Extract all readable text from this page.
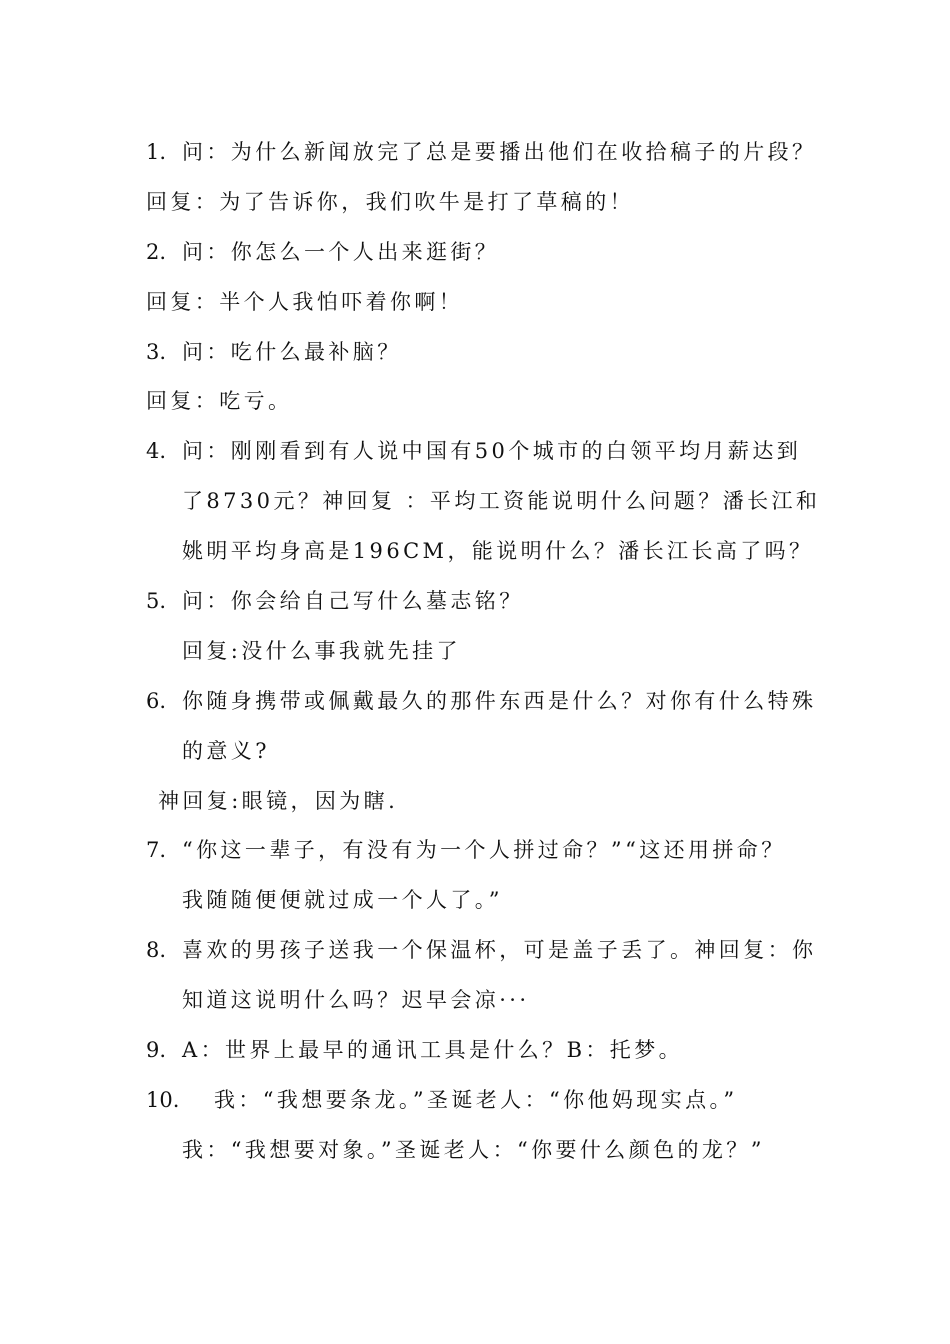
1. 问：为什么新闻放完了总是要播出他们在收拾稿子的片段？
回复：为了告诉你，我们吹牛是打了草稿的！
2. 问：你怎么一个人出来逛街？
回复：半个人我怕吓着你啊！
3. 问：吃什么最补脑？
回复：吃亏。
4. 问：刚刚看到有人说中国有50个城市的白领平均月薪达到
了8730元？神回复 ：平均工资能说明什么问题？潘长江和
姚明平均身高是196CM，能说明什么？潘长江长高了吗？
5. 问：你会给自己写什么墓志铭？
回复:没什么事我就先挂了
6. 你随身携带或佩戴最久的那件东西是什么？对你有什么特殊
的意义?
神回复:眼镜，因为瞎.
7. “你这一辈子，有没有为一个人拼过命？”“这还用拼命？
我随随便便就过成一个人了。”
8. 喜欢的男孩子送我一个保温杯，可是盖子丢了。神回复：你
知道这说明什么吗？迟早会凉···
9. A：世界上最早的通讯工具是什么？B：托梦。
10. 我：“我想要条龙。”圣诞老人：“你他妈现实点。”
我：“我想要对象。”圣诞老人：“你要什么颜色的龙？”
